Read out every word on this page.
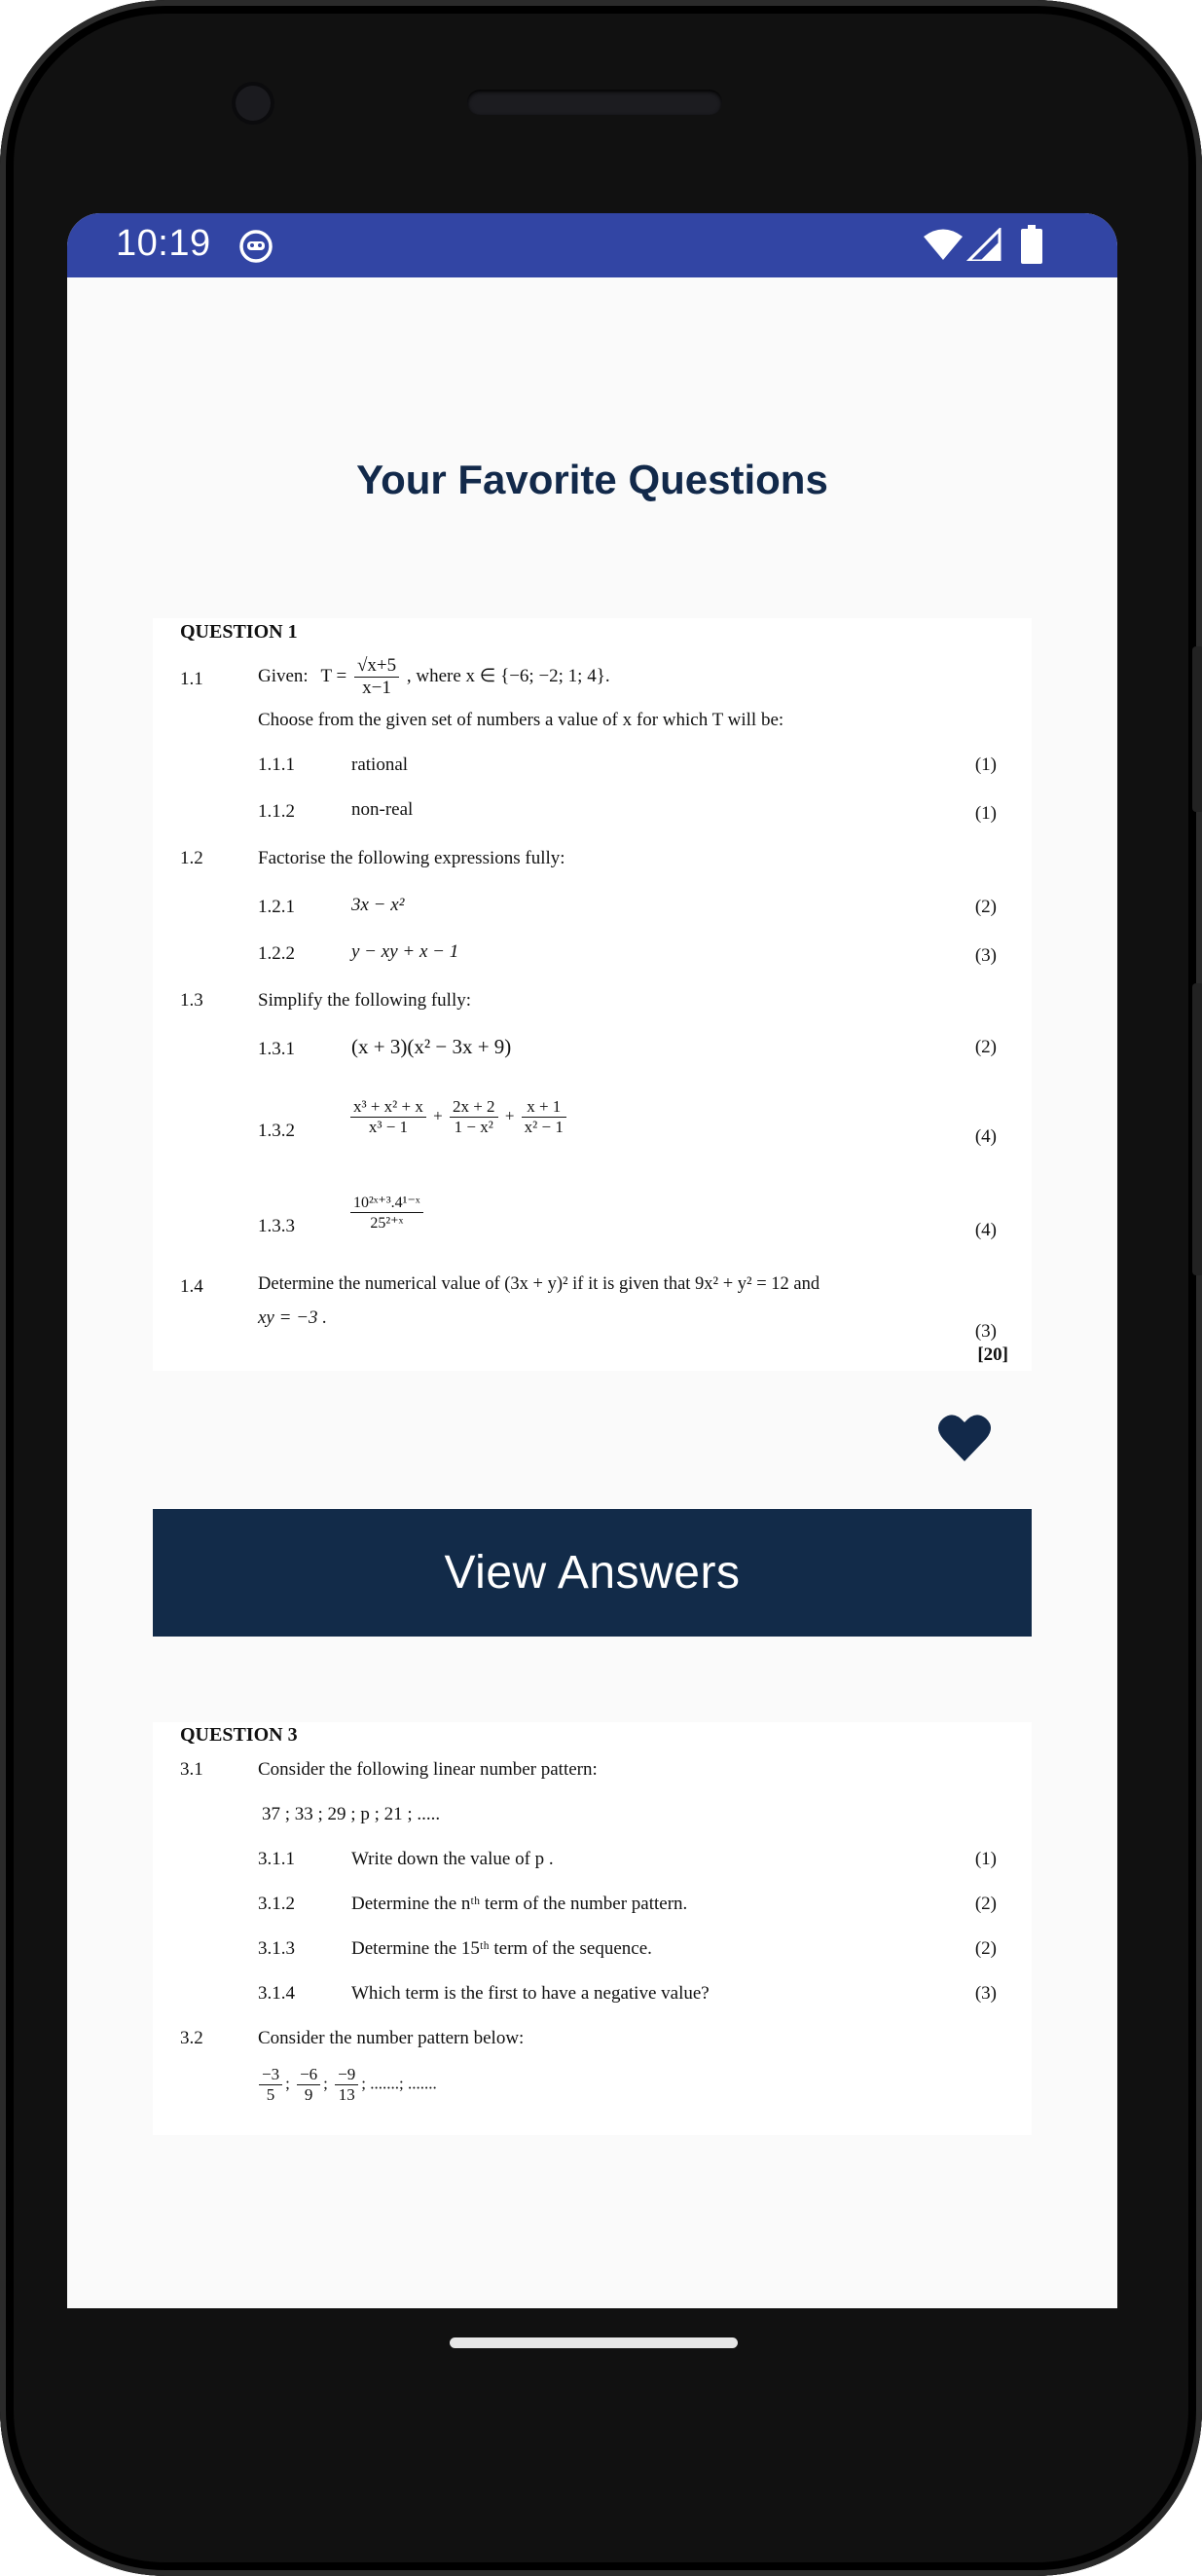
10:19
Your Favorite Questions
QUESTION 1
1.1	Given: $T = \frac{√x+5}{x-1}$ , where x ∈ {−6; −2; 1; 4}.
Choose from the given set of numbers a value of x for which T will be:
1.1.1	rational	(1)
1.1.2	non-real	(1)
1.2	Factorise the following expressions fully:
1.2.1	3x − x²	(2)
1.2.2	y − xy + x − 1	(3)
1.3	Simplify the following fully:
1.3.1	(x + 3)(x² − 3x + 9)	(2)
1.3.2	$\frac{\text{x³ + x² + x}}{\text{x³ − 1}} + \frac{2x + 2}{\text{1 − x²}} + \frac{x + 1}{\text{x² − 1}}$	(4)
1.3.3	$\frac{\text{10²ˣ⁺³.4¹⁻ˣ}}{\text{25²⁺ˣ}}$	(4)
1.4	Determine the numerical value of (3x + y)² if it is given that 9x² + y² = 12 and
xy = −3 .
(3)
[20]
View Answers
QUESTION 3
3.1	Consider the following linear number pattern:
37 ; 33 ; 29 ; p ; 21 ; .....
3.1.1	Write down the value of p .	(1)
3.1.2	Determine the nᵗʰ term of the number pattern.	(2)
3.1.3	Determine the 15ᵗʰ term of the sequence.	(2)
3.1.4	Which term is the first to have a negative value?	(3)
3.2	Consider the number pattern below:
$\frac{-3}{5}$ ; $\frac{-6}{9}$ ; $\frac{-9}{13}$ ; .......; .......
